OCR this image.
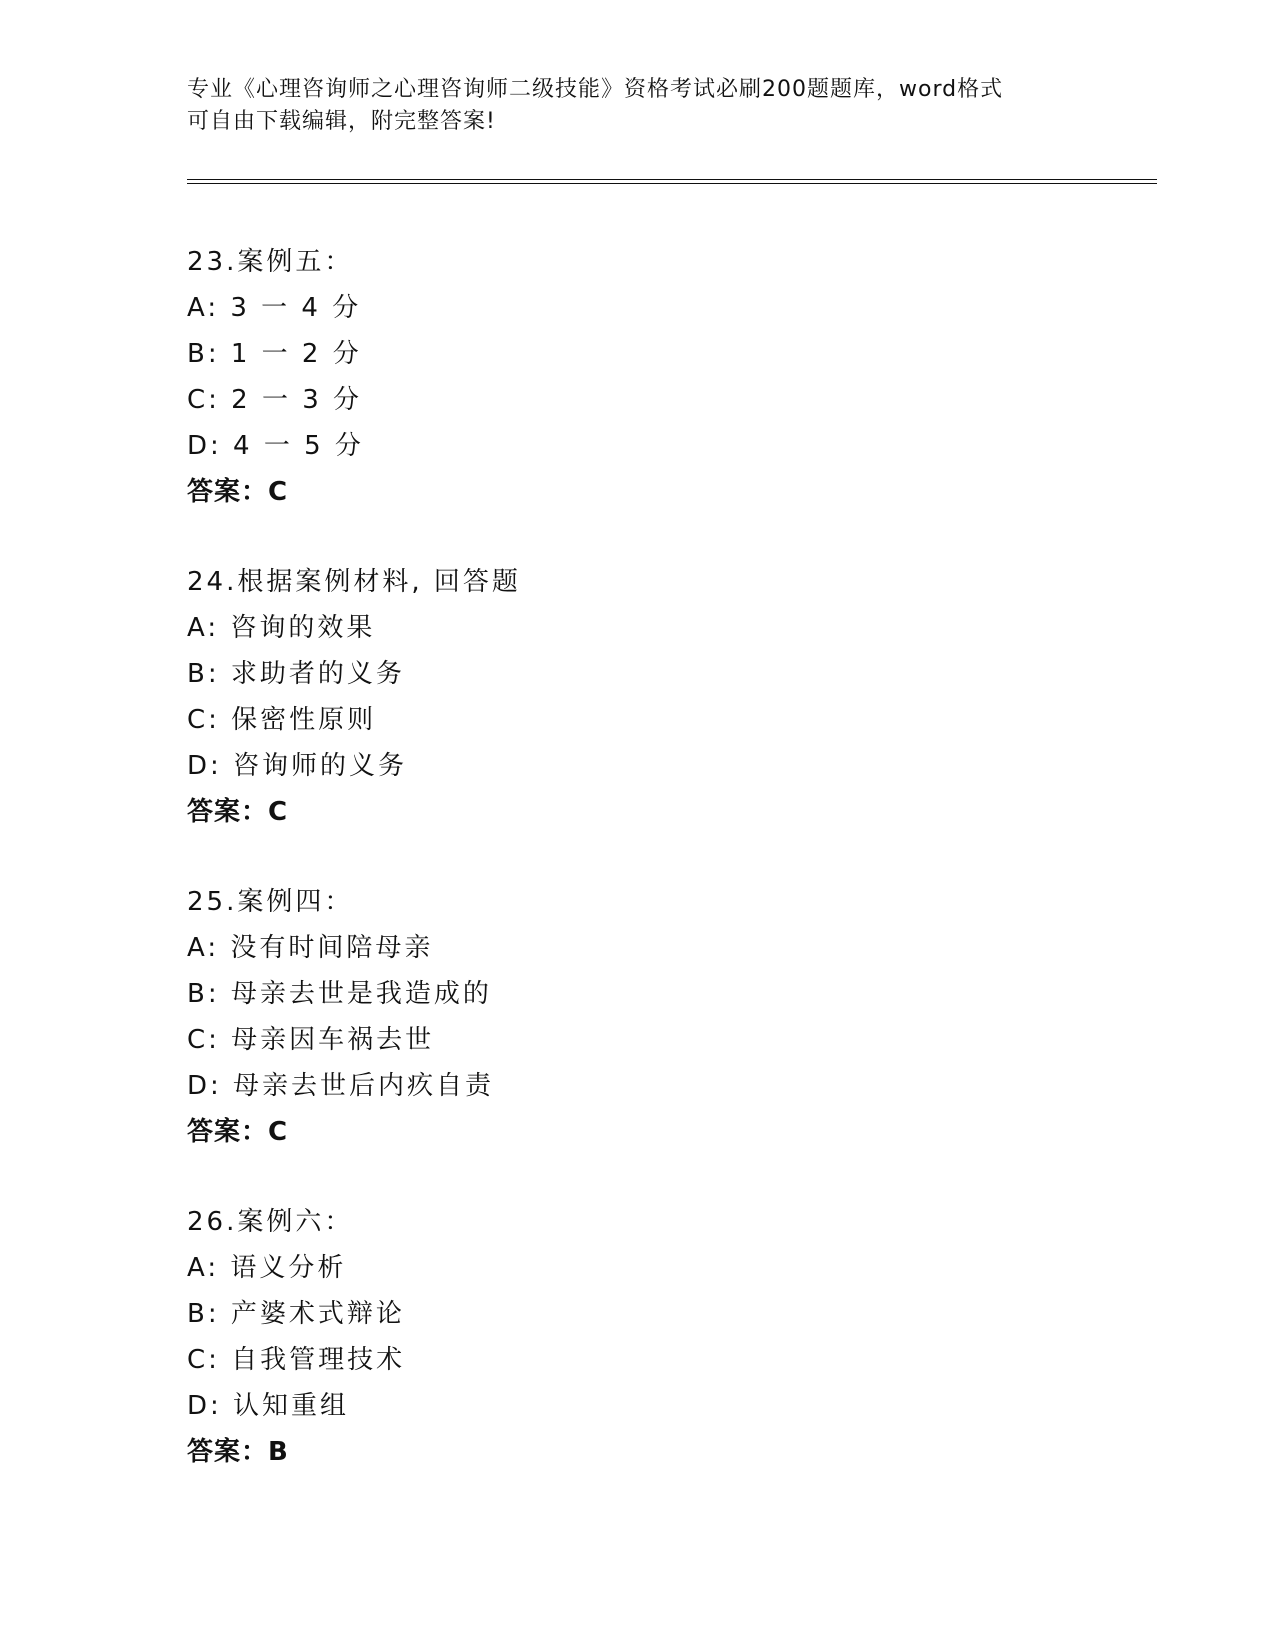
专业《心理咨询师之心理咨询师二级技能》资格考试必刷200题题库，word格式
可自由下载编辑，附完整答案!
23.案例五：
A: 3 一 4 分
B: 1 一 2 分
C: 2 一 3 分
D: 4 一 5 分
答案：C
24.根据案例材料, 回答题
A: 咨询的效果
B: 求助者的义务
C: 保密性原则
D: 咨询师的义务
答案：C
25.案例四：
A: 没有时间陪母亲
B: 母亲去世是我造成的
C: 母亲因车祸去世
D: 母亲去世后内疚自责
答案：C
26.案例六：
A: 语义分析
B: 产婆术式辩论
C: 自我管理技术
D: 认知重组
答案：B
